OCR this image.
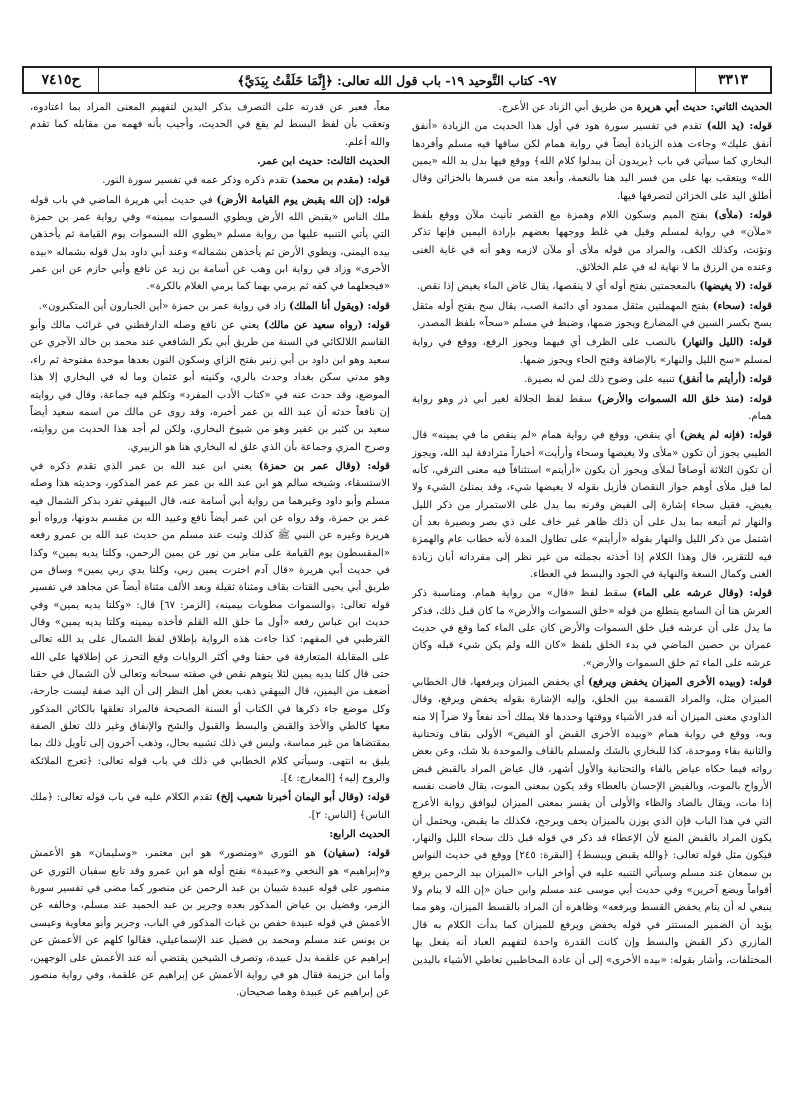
ح٧٤١٥	٩٧- كتاب التَّوحيد ١٩- باب قول الله تعالى: ﴿إِنَّمَا خَلَقْتُ بِيَدَيَّ﴾	٣٣١٣

الحديث الثاني: حديث أبي هريرة من طريق أبي الزناد عن الأعرج.

قوله: (يد الله) تقدم في تفسير سورة هود في أول هذا الحديث من الزيادة «أنفق أنفق عليك» وجاءت هذه الزيادة أيضاً في رواية همام لكن ساقها فيه مسلم وأفردها البخاري كما سيأتي في باب ﴿يريدون أن يبدلوا كلام الله﴾ ووقع فيها بدل يد الله «يمين الله» ويتعقب بها على من فسر اليد هنا بالنعمة، وأبعد منه من فسرها بالخزائن وقال أطلق اليد على الخزائن لتصرفها فيها.

قوله: (ملأى) بفتح الميم وسكون اللام وهمزة مع القصر تأنيث ملآن ووقع بلفظ «ملآن» في رواية لمسلم وقيل هي غلط ووجهها بعضهم بإرادة اليمين فإنها تذكر وتؤنث، وكذلك الكف، والمراد من قوله ملأى أو ملآن لازمه وهو أنه في غاية الغنى وعنده من الرزق ما لا نهاية له في علم الخلائق.

قوله: (لا يغيضها) بالمعجمتين بفتح أوله أي لا ينقصها، يقال غاض الماء يغيض إذا نقص.

قوله: (سحاء) بفتح المهملتين مثقل ممدود أي دائمة الصب، يقال سح بفتح أوله مثقل يسح بكسر السين في المضارع ويجوز ضمها، وضبط في مسلم «سحاً» بلفظ المصدر.

قوله: (الليل والنهار) بالنصب على الظرف أي فيهما ويجوز الرفع، ووقع في رواية لمسلم «سح الليل والنهار» بالإضافة وفتح الحاء ويجوز ضمها.

قوله: (أرأيتم ما أنفق) تنبيه على وضوح ذلك لمن له بصيرة.

قوله: (منذ خلق الله السموات والأرض) سقط لفظ الجلالة لغير أبي ذر وهو رواية همام.

قوله: (فإنه لم يغض) أي ينقص، ووقع في رواية همام «لم ينقص ما في يمينه» قال الطيبي يجوز أن تكون «ملأى ولا يغيضها وسحاء وأرأيت» أخباراً مترادفة ليد الله، ويجوز أن تكون الثلاثة أوصافاً لملأى ويجوز أن يكون «أرأيتم» استئنافاً فيه معنى الترقي، كأنه لما قيل ملأى أوهم جواز النقصان فأزيل بقوله لا يغيضها شيء، وقد يمتلئ الشيء ولا يغيض، فقيل سحاء إشارة إلى الفيض وقرنه بما يدل على الاستمرار من ذكر الليل والنهار ثم أتبعه بما يدل على أن ذلك ظاهر غير خاف على ذي بصر وبصيرة بعد أن اشتمل من ذكر الليل والنهار بقوله «أرأيتم» على تطاول المدة لأنه خطاب عام والهمزة فيه للتقرير، قال وهذا الكلام إذا أخذته بجملته من غير نظر إلى مفرداته أبان زيادة الغنى وكمال السعة والنهاية في الجود والبسط في العطاء.

قوله: (وقال عرشه على الماء) سقط لفظ «قال» من رواية همام. ومناسبة ذكر العرش هنا أن السامع يتطلع من قوله «خلق السموات والأرض» ما كان قبل ذلك، فذكر ما يدل على أن عرشه قبل خلق السموات والأرض كان على الماء كما وقع في حديث عمران بن حصين الماضي في بدء الخلق بلفظ «كان الله ولم يكن شيء قبله وكان عرشه على الماء ثم خلق السموات والأرض».

قوله: (وبيده الأخرى الميزان يخفض ويرفع) أي يخفض الميزان ويرفعها، قال الخطابي الميزان مثل، والمراد القسمة بين الخلق، وإليه الإشارة بقوله يخفض ويرفع، وقال الداودي معنى الميزان أنه قدر الأشياء ووقتها وحددها فلا يملك أحد نفعاً ولا ضراً إلا منه وبه، ووقع في رواية همام «وبيده الأخرى القبض أو الفيض» الأولى بقاف وتحتانية والثانية بفاء وموحدة، كذا للبخاري بالشك ولمسلم بالقاف والموحدة بلا شك، وعن بعض رواته فيما حكاه عياض بالفاء والتحتانية والأول أشهر، قال عياض المراد بالقبض قبض الأرواح بالموت، وبالفيض الإحسان بالعطاء وقد يكون بمعنى الموت، يقال فاضت نفسه إذا مات، ويقال بالضاد والظاء والأولى أن يفسر بمعنى الميزان ليوافق رواية الأعرج التي في هذا الباب فإن الذي يوزن بالميزان يخف ويرجح، فكذلك ما يقبض، ويحتمل أن يكون المراد بالقبض المنع لأن الإعطاء قد ذكر في قوله قبل ذلك سحاء الليل والنهار، فيكون مثل قوله تعالى: ﴿والله يقبض ويبسط﴾ [البقرة: ٢٤٥] ووقع في حديث النواس بن سمعان عند مسلم وسيأتي التنبيه عليه في أواخر الباب «الميزان بيد الرحمن يرفع أقواماً ويضع آخرين» وفي حديث أبي موسى عند مسلم وابن حبان «إن الله لا ينام ولا ينبغي له أن ينام يخفض القسط ويرفعه» وظاهره أن المراد بالقسط الميزان، وهو مما يؤيد أن الضمير المستتر في قوله يخفض ويرفع للميزان كما بدأت الكلام به قال المازري ذكر القبض والبسط وإن كانت القدرة واحدة لتفهيم العباد أنه يفعل بها المختلفات، وأشار بقوله: «بيده الأخرى» إلى أن عادة المخاطبين تعاطي الأشياء باليدين

معاً، فعبر عن قدرته على التصرف بذكر اليدين لتفهيم المعنى المراد بما اعتادوه، وتعقب بأن لفظ البسط لم يقع في الحديث، وأجيب بأنه فهمه من مقابله كما تقدم والله أعلم.

الحديث الثالث: حديث ابن عمر.

قوله: (مقدم بن محمد) تقدم ذكره وذكر عمه في تفسير سورة النور.

قوله: (إن الله يقبض يوم القيامة الأرض) في حديث أبي هريرة الماضي في باب قوله ملك الناس «يقبض الله الأرض ويطوي السموات بيمينه» وفي رواية عمر بن حمزة التي يأتي التنبيه عليها من رواية مسلم «يطوي الله السموات يوم القيامة ثم يأخذهن بيده اليمنى، ويطوي الأرض ثم يأخذهن بشماله» وعند أبي داود بدل قوله بشماله «بيده الأخرى» وزاد في رواية ابن وهب عن أسامة بن زيد عن نافع وأبي حازم عن ابن عمر «فيجعلهما في كفه ثم يرمي بهما كما يرمي الغلام بالكرة».

قوله: (ويقول أنا الملك) زاد في رواية عمر بن حمزة «أين الجبارون أين المتكبرون».

قوله: (رواه سعيد عن مالك) يعني عن نافع وصله الدارقطني في غرائب مالك وأبو القاسم اللالكائي في السنة من طريق أبي بكر الشافعي عند محمد بن خالد الآجري عن سعيد وهو ابن داود بن أبي زنبر بفتح الزاي وسكون النون بعدها موحدة مفتوحة ثم راء، وهو مدني سكن بغداد وحدث بالري، وكنيته أبو عثمان وما له في البخاري إلا هذا الموضع، وقد حدث عنه في «كتاب الأدب المفرد» وتكلم فيه جماعة، وقال في روايته إن نافعاً حدثه أن عبد الله بن عمر أخبره، وقد روى عن مالك من اسمه سعيد أيضاً سعيد بن كثير بن عفير وهو من شيوخ البخاري، ولكن لم أجد هذا الحديث من روايته، وصرح المزي وجماعة بأن الذي علق له البخاري هنا هو الزبيري.

قوله: (وقال عمر بن حمزة) يعني ابن عبد الله بن عمر الذي تقدم ذكره في الاستسقاء، وشيخه سالم هو ابن عبد الله بن عمر عم عمر المذكور، وحديثه هذا وصله مسلم وأبو داود وغيرهما من رواية أبي أسامة عنه، قال البيهقي تفرد بذكر الشمال فيه عمر بن حمزة، وقد رواه عن ابن عمر أيضاً نافع وعبيد الله بن مقسم بدونها، ورواه أبو هريرة وغيره عن النبي ﷺ كذلك وثبت عند مسلم من حديث عبد الله بن عمرو رفعه «المقسطون يوم القيامة على منابر من نور عن يمين الرحمن، وكلتا يديه يمين» وكذا في حديث أبي هريرة «قال آدم اخترت يمين ربي، وكلتا يدي ربي يمين» وساق من طريق أبي يحيى القتات بقاف ومثناة ثقيلة وبعد الألف مثناة أيضاً عن مجاهد في تفسير قوله تعالى: ﴿والسموات مطويات بيمينه﴾ [الزمر: ٦٧] قال: «وكلتا يديه يمين» وفي حديث ابن عباس رفعه «أول ما خلق الله القلم فأخذه بيمينه وكلتا يديه يمين» وقال القرطبي في المفهم: كذا جاءت هذه الرواية بإطلاق لفظ الشمال على يد الله تعالى على المقابلة المتعارفة في حقنا وفي أكثر الروايات وقع التحرز عن إطلاقها على الله حتى قال كلتا يديه يمين لئلا يتوهم نقص في صفته سبحانه وتعالى لأن الشمال في حقنا أضعف من اليمين، قال البيهقي ذهب بعض أهل النظر إلى أن اليد صفة ليست جارحة، وكل موضع جاء ذكرها في الكتاب أو السنة الصحيحة فالمراد تعلقها بالكائن المذكور معها كالطي والأخذ والقبض والبسط والقبول والشح والإنفاق وغير ذلك تعلق الصفة بمقتضاها من غير مماسة، وليس في ذلك تشبيه بحال، وذهب آخرون إلى تأويل ذلك بما يليق به انتهى. وسيأتي كلام الخطابي في ذلك في باب قوله تعالى: ﴿تعرج الملائكة والروح إليه﴾ [المعارج: ٤].

قوله: (وقال أبو اليمان أخبرنا شعيب إلخ) تقدم الكلام عليه في باب قوله تعالى: ﴿ملك الناس﴾ [الناس: ٢].

الحديث الرابع:

قوله: (سفيان) هو الثوري «ومنصور» هو ابن معتمر، «وسليمان» هو الأعمش و«إبراهيم» هو النخعي و«عبيدة» بفتح أوله هو ابن عمرو وقد تابع سفيان الثوري عن منصور على قوله عبيدة شيبان بن عبد الرحمن عن منصور كما مضى في تفسير سورة الزمر، وفضيل بن عياض المذكور بعده وجرير بن عبد الحميد عند مسلم، وخالفه عن الأعمش في قوله عبيدة حفص بن غياث المذكور في الباب، وجرير وأبو معاوية وعيسى بن يونس عند مسلم ومحمد بن فضيل عند الإسماعيلي، فقالوا كلهم عن الأعمش عن إبراهيم عن علقمة بدل عبيدة، وتصرف الشيخين يقتضي أنه عند الأعمش على الوجهين، وأما ابن خزيمة فقال هو في رواية الأعمش عن إبراهيم عن علقمة، وفي رواية منصور عن إبراهيم عن عبيدة وهما صحيحان.
